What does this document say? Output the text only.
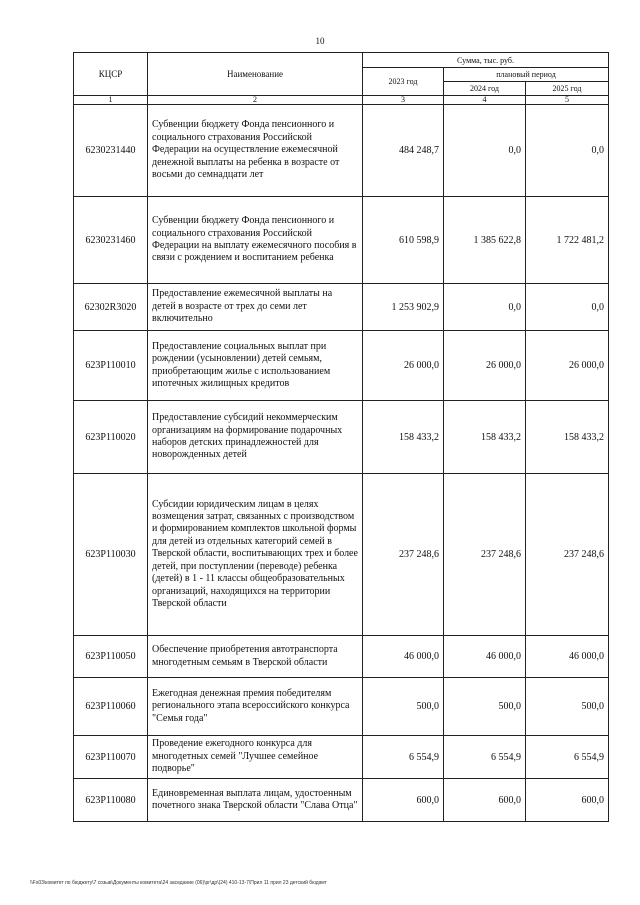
10
КЦСР	Наименование	Сумма, тыс. руб.		
		2023 год	плановый период	
			2024 год	2025 год
1	2	3	4	5
6230231440	Субвенции бюджету Фонда пенсионного и социального страхования Российской Федерации на осуществление ежемесячной денежной выплаты на ребенка в возрасте от восьми до семнадцати лет	484 248,7	0,0	0,0
6230231460	Субвенции бюджету Фонда пенсионного и социального страхования Российской Федерации на выплату ежемесячного пособия в связи с рождением и воспитанием ребенка	610 598,9	1 385 622,8	1 722 481,2
62302R3020	Предоставление ежемесячной выплаты на детей в возрасте от трех до семи лет включительно	1 253 902,9	0,0	0,0
623P110010	Предоставление социальных выплат при рождении (усыновлении) детей семьям, приобретающим жилье с использованием ипотечных жилищных кредитов	26 000,0	26 000,0	26 000,0
623P110020	Предоставление субсидий некоммерческим организациям на формирование подарочных наборов детских принадлежностей для новорожденных детей	158 433,2	158 433,2	158 433,2
623P110030	Субсидии юридическим лицам в целях возмещения затрат, связанных с производством и формированием комплектов школьной формы для детей из отдельных категорий семей в Тверской области, воспитывающих трех и более детей, при поступлении (переводе) ребенка (детей) в 1 - 11 классы общеобразовательных организаций, находящихся на территории Тверской области	237 248,6	237 248,6	237 248,6
623P110050	Обеспечение приобретения автотранспорта многодетным семьям в Тверской области	46 000,0	46 000,0	46 000,0
623P110060	Ежегодная денежная премия победителям регионального этапа всероссийского конкурса "Семья года"	500,0	500,0	500,0
623P110070	Проведение ежегодного конкурса для многодетных семей "Лучшее семейное подворье"	6 554,9	6 554,9	6 554,9
623P110080	Единовременная выплата лицам, удостоенным почетного знака Тверской области "Слава Отца"	600,0	600,0	600,0
\\Fs03\комитет по бюджету\7 созыв\Документы комитета\24 заседание (06)\рг\др\(24) 410-13-7\Прил 11 прил 23 детский бюджет
